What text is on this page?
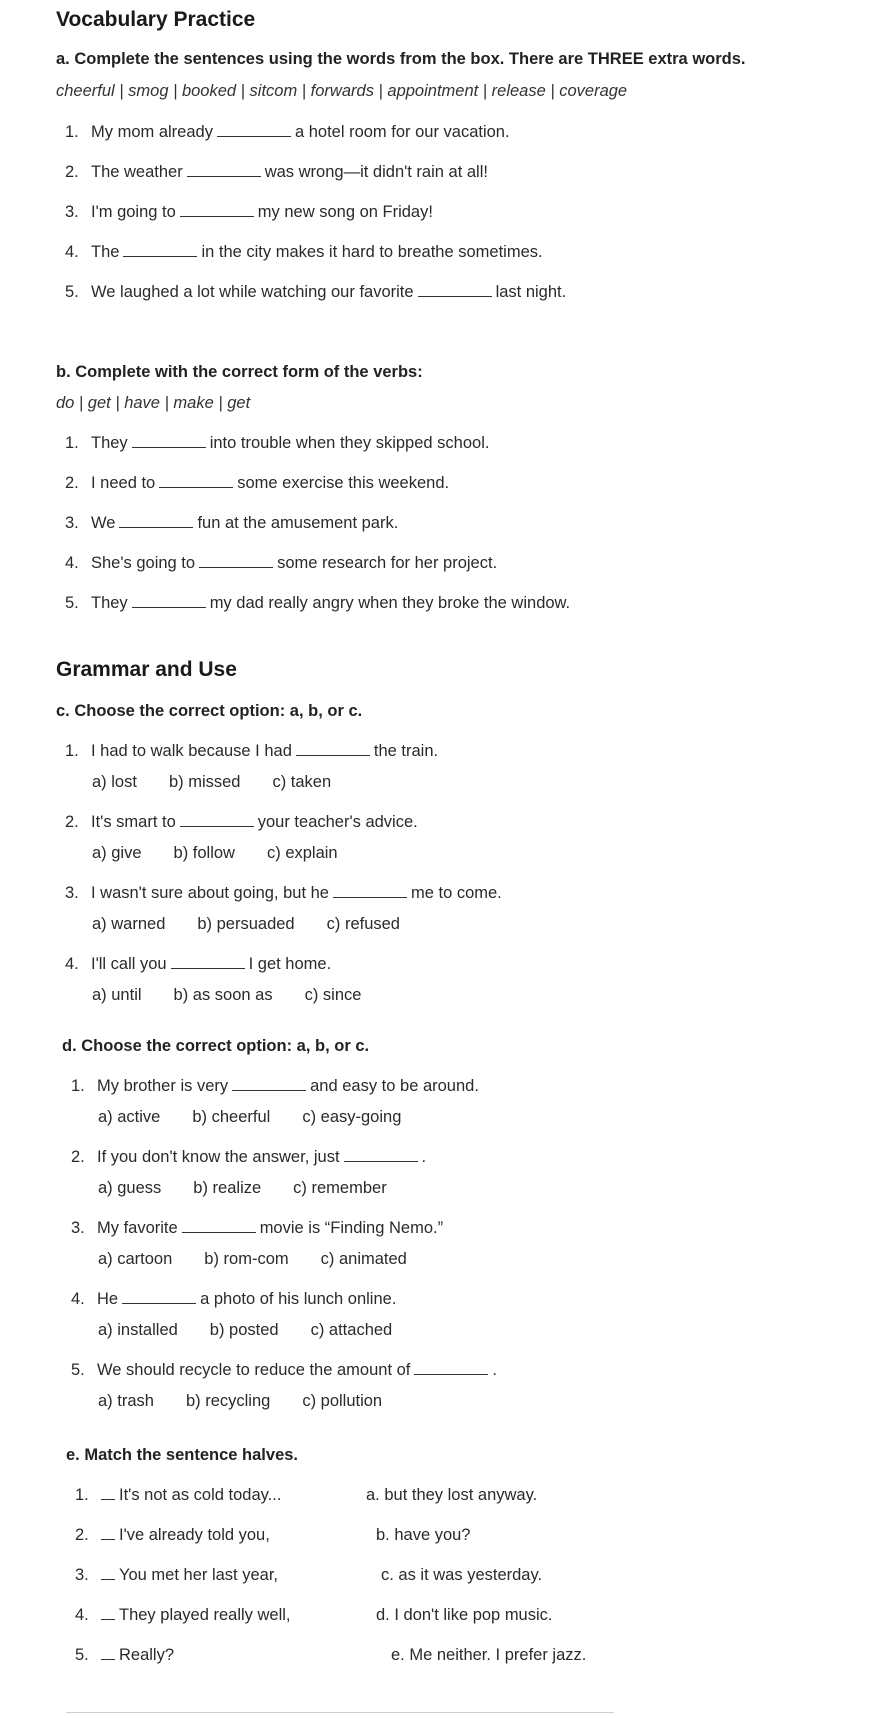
Vocabulary Practice
a. Complete the sentences using the words from the box. There are THREE extra words.
cheerful | smog | booked | sitcom | forwards | appointment | release | coverage
1. My mom already	a hotel room for our vacation.
2. The weather	was wrong—it didn't rain at all!
3. I'm going to	my new song on Friday!
4. The	in the city makes it hard to breathe sometimes.
5. We laughed a lot while watching our favorite	last night.
b. Complete with the correct form of the verbs:
do | get | have | make | get
1. They	into trouble when they skipped school.
2. I need to	some exercise this weekend.
3. We	fun at the amusement park.
4. She's going to	some research for her project.
5. They	my dad really angry when they broke the window.
Grammar and Use
c. Choose the correct option: a, b, or c.
1. I had to walk because I had	the train.
a) lost b) missed c) taken
2. It's smart to	your teacher's advice.
a) give b) follow c) explain
3. I wasn't sure about going, but he	me to come.
a) warned b) persuaded c) refused
4. I'll call you	I get home.
a) until b) as soon as c) since
d. Choose the correct option: a, b, or c.
1. My brother is very	and easy to be around.
a) active b) cheerful c) easy-going
2. If you don't know the answer, just	.
a) guess b) realize c) remember
3. My favorite	movie is “Finding Nemo.”
a) cartoon b) rom-com c) animated
4. He	a photo of his lunch online.
a) installed b) posted c) attached
5. We should recycle to reduce the amount of	.
a) trash b) recycling c) pollution
e. Match the sentence halves.
1. It's not as cold today...	a. but they lost anyway.
2. I've already told you,	b. have you?
3. You met her last year,	c. as it was yesterday.
4. They played really well,	d. I don't like pop music.
5. Really?	e. Me neither. I prefer jazz.
